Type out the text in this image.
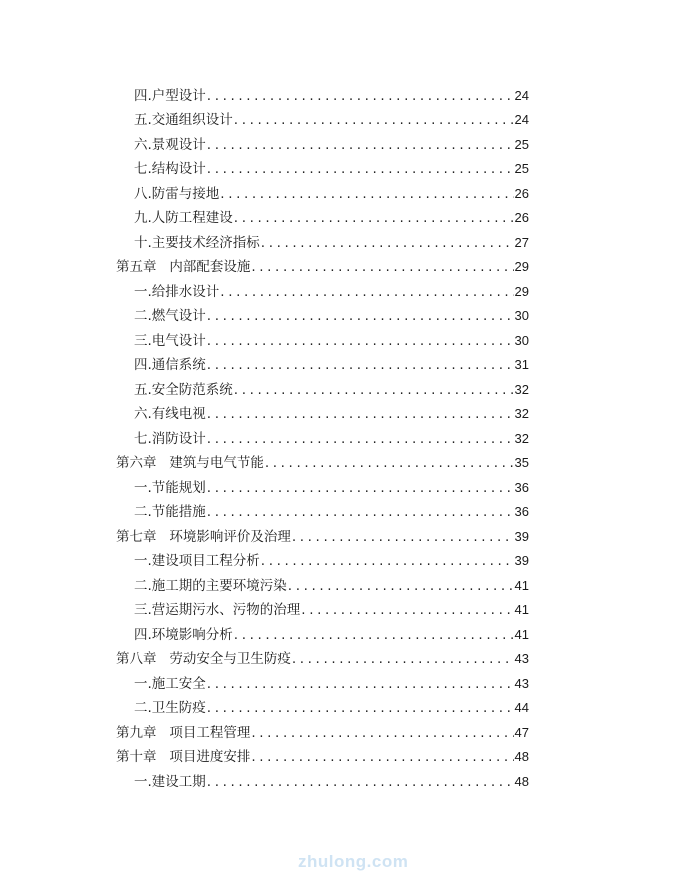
四.户型设计 .....	24
五.交通组织设计 .....	24
六.景观设计 .....	25
七.结构设计 .....	25
八.防雷与接地 .....	26
九.人防工程建设 .....	26
十.主要技术经济指标 .....	27
第五章   内部配套设施 .....	29
一.给排水设计 .....	29
二.燃气设计 .....	30
三.电气设计 .....	30
四.通信系统 .....	31
五.安全防范系统 .....	32
六.有线电视 .....	32
七.消防设计 .....	32
第六章   建筑与电气节能 .....	35
一.节能规划 .....	36
二.节能措施 .....	36
第七章   环境影响评价及治理 .....	39
一.建设项目工程分析 .....	39
二.施工期的主要环境污染 .....	41
三.营运期污水、污物的治理 .....	41
四.环境影响分析 .....	41
第八章   劳动安全与卫生防疫 .....	43
一.施工安全 .....	43
二.卫生防疫 .....	44
第九章   项目工程管理 .....	47
第十章   项目进度安排 .....	48
一.建设工期 .....	48
zhulong.com
